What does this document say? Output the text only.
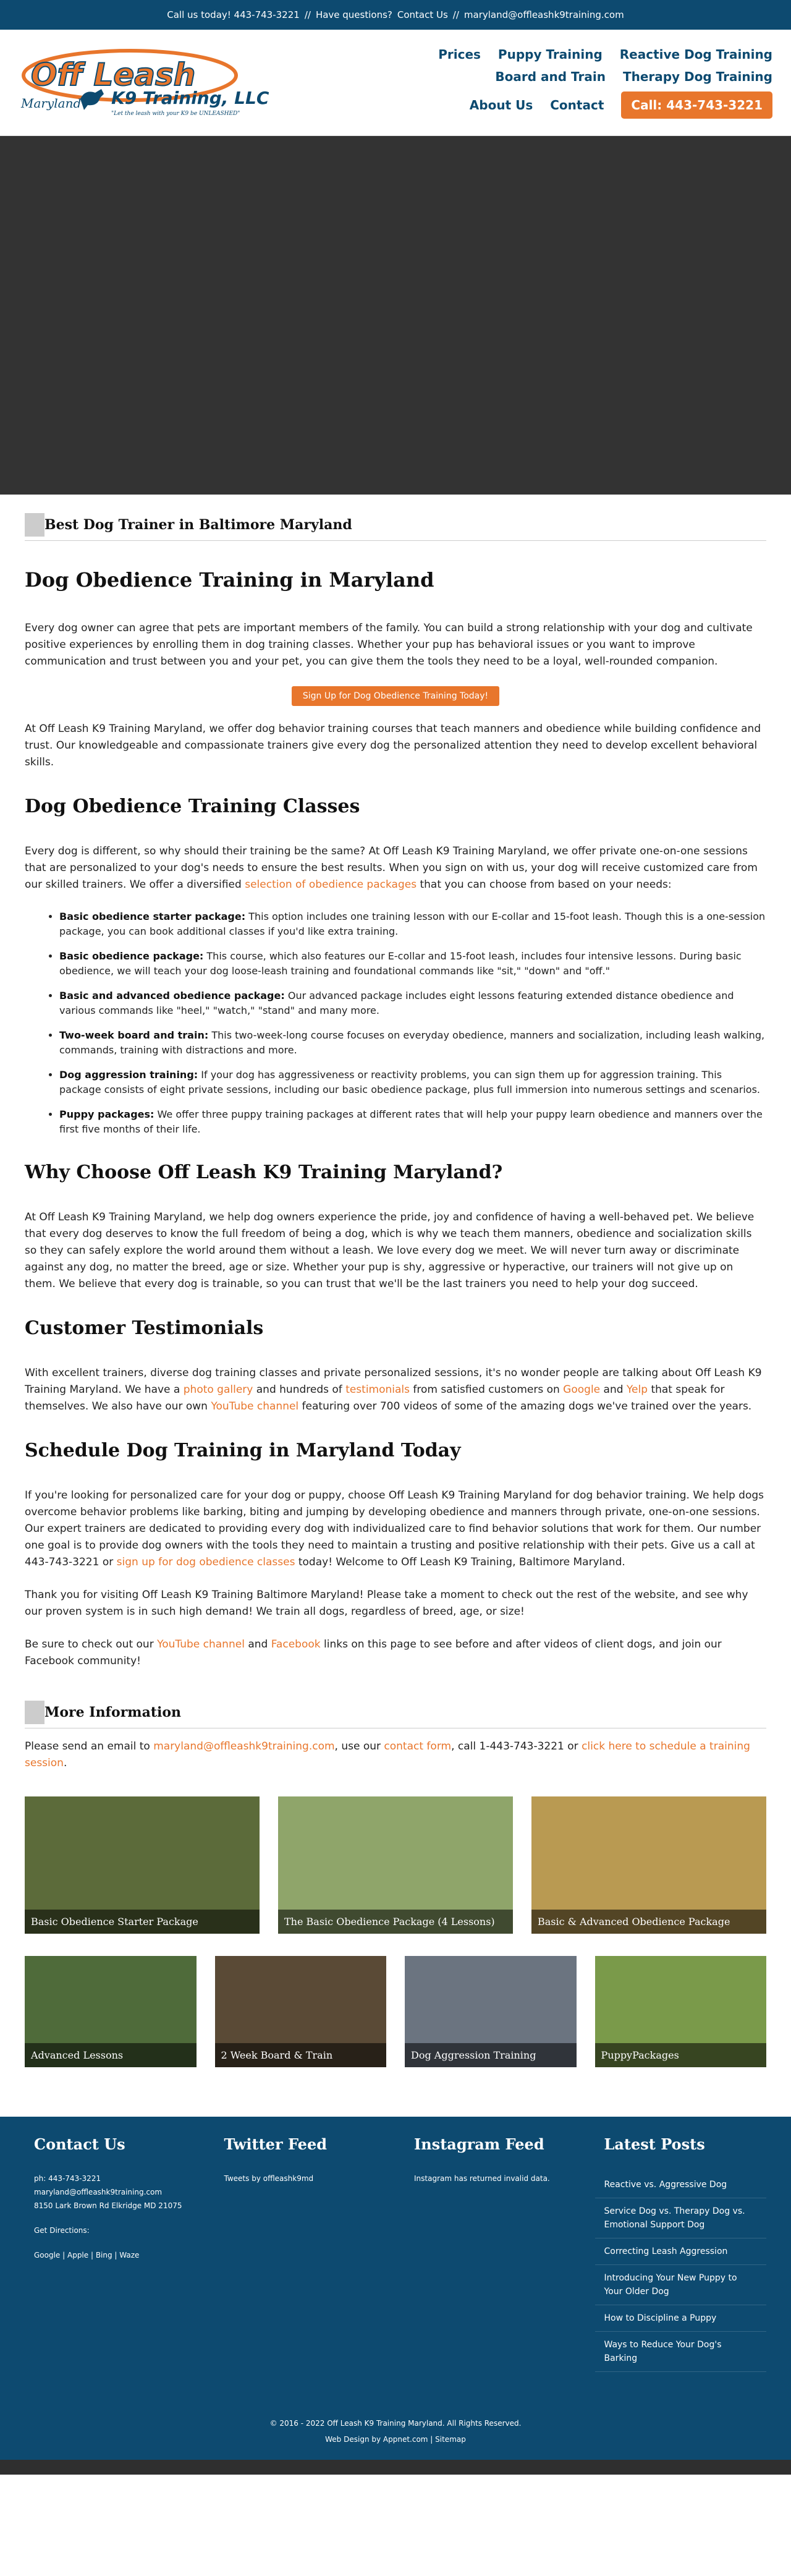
Call us today! 443-743-3221 // Have questions? Contact Us // maryland@offleashk9training.com
Off Leash
K9 Training, LLC
Maryland
"Let the leash with your K9 be UNLEASHED"
Prices Puppy Training Reactive Dog Training
Board and Train Therapy Dog Training
About Us Contact	Call: 443-743-3221
Best Dog Trainer in Baltimore Maryland
Dog Obedience Training in Maryland

Every dog owner can agree that pets are important members of the family. You can build a strong relationship with your dog and cultivate positive experiences by enrolling them in dog training classes. Whether your pup has behavioral issues or you want to improve communication and trust between you and your pet, you can give them the tools they need to be a loyal, well-rounded companion.

Sign Up for Dog Obedience Training Today!

At Off Leash K9 Training Maryland, we offer dog behavior training courses that teach manners and obedience while building confidence and trust. Our knowledgeable and compassionate trainers give every dog the personalized attention they need to develop excellent behavioral skills.

Dog Obedience Training Classes

Every dog is different, so why should their training be the same? At Off Leash K9 Training Maryland, we offer private one-on-one sessions that are personalized to your dog's needs to ensure the best results. When you sign on with us, your dog will receive customized care from our skilled trainers. We offer a diversified selection of obedience packages that you can choose from based on your needs:

• Basic obedience starter package: This option includes one training lesson with our E-collar and 15-foot leash. Though this is a one-session package, you can book additional classes if you'd like extra training.
• Basic obedience package: This course, which also features our E-collar and 15-foot leash, includes four intensive lessons. During basic obedience, we will teach your dog loose-leash training and foundational commands like "sit," "down" and "off."
• Basic and advanced obedience package: Our advanced package includes eight lessons featuring extended distance obedience and various commands like "heel," "watch," "stand" and many more.
• Two-week board and train: This two-week-long course focuses on everyday obedience, manners and socialization, including leash walking, commands, training with distractions and more.
• Dog aggression training: If your dog has aggressiveness or reactivity problems, you can sign them up for aggression training. This package consists of eight private sessions, including our basic obedience package, plus full immersion into numerous settings and scenarios.
• Puppy packages: We offer three puppy training packages at different rates that will help your puppy learn obedience and manners over the first five months of their life.
Why Choose Off Leash K9 Training Maryland?

At Off Leash K9 Training Maryland, we help dog owners experience the pride, joy and confidence of having a well-behaved pet. We believe that every dog deserves to know the full freedom of being a dog, which is why we teach them manners, obedience and socialization skills so they can safely explore the world around them without a leash. We love every dog we meet. We will never turn away or discriminate against any dog, no matter the breed, age or size. Whether your pup is shy, aggressive or hyperactive, our trainers will not give up on them. We believe that every dog is trainable, so you can trust that we'll be the last trainers you need to help your dog succeed.

Customer Testimonials

With excellent trainers, diverse dog training classes and private personalized sessions, it's no wonder people are talking about Off Leash K9 Training Maryland. We have a photo gallery and hundreds of testimonials from satisfied customers on Google and Yelp that speak for themselves. We also have our own YouTube channel featuring over 700 videos of some of the amazing dogs we've trained over the years.

Schedule Dog Training in Maryland Today

If you're looking for personalized care for your dog or puppy, choose Off Leash K9 Training Maryland for dog behavior training. We help dogs overcome behavior problems like barking, biting and jumping by developing obedience and manners through private, one-on-one sessions. Our expert trainers are dedicated to providing every dog with individualized care to find behavior solutions that work for them. Our number one goal is to provide dog owners with the tools they need to maintain a trusting and positive relationship with their pets. Give us a call at 443-743-3221 or sign up for dog obedience classes today! Welcome to Off Leash K9 Training, Baltimore Maryland.

Thank you for visiting Off Leash K9 Training Baltimore Maryland! Please take a moment to check out the rest of the website, and see why our proven system is in such high demand! We train all dogs, regardless of breed, age, or size!

Be sure to check out our YouTube channel and Facebook links on this page to see before and after videos of client dogs, and join our Facebook community!

More Information

Please send an email to maryland@offleashk9training.com, use our contact form, call 1-443-743-3221 or click here to schedule a training session.

Basic Obedience Starter Package	The Basic Obedience Package (4 Lessons)	Basic & Advanced Obedience Package
Advanced Lessons	2 Week Board & Train	Dog Aggression Training	PuppyPackages
Contact Us
ph: 443-743-3221
maryland@offleashk9training.com
8150 Lark Brown Rd Elkridge MD 21075
Get Directions:
Google | Apple | Bing | Waze
Twitter Feed
Tweets by offleashk9md
Instagram Feed
Instagram has returned invalid data.
Latest Posts
Reactive vs. Aggressive Dog
Service Dog vs. Therapy Dog vs. Emotional Support Dog
Correcting Leash Aggression
Introducing Your New Puppy to Your Older Dog
How to Discipline a Puppy
Ways to Reduce Your Dog's Barking
© 2016 - 2022 Off Leash K9 Training Maryland. All Rights Reserved.
Web Design by Appnet.com | Sitemap
